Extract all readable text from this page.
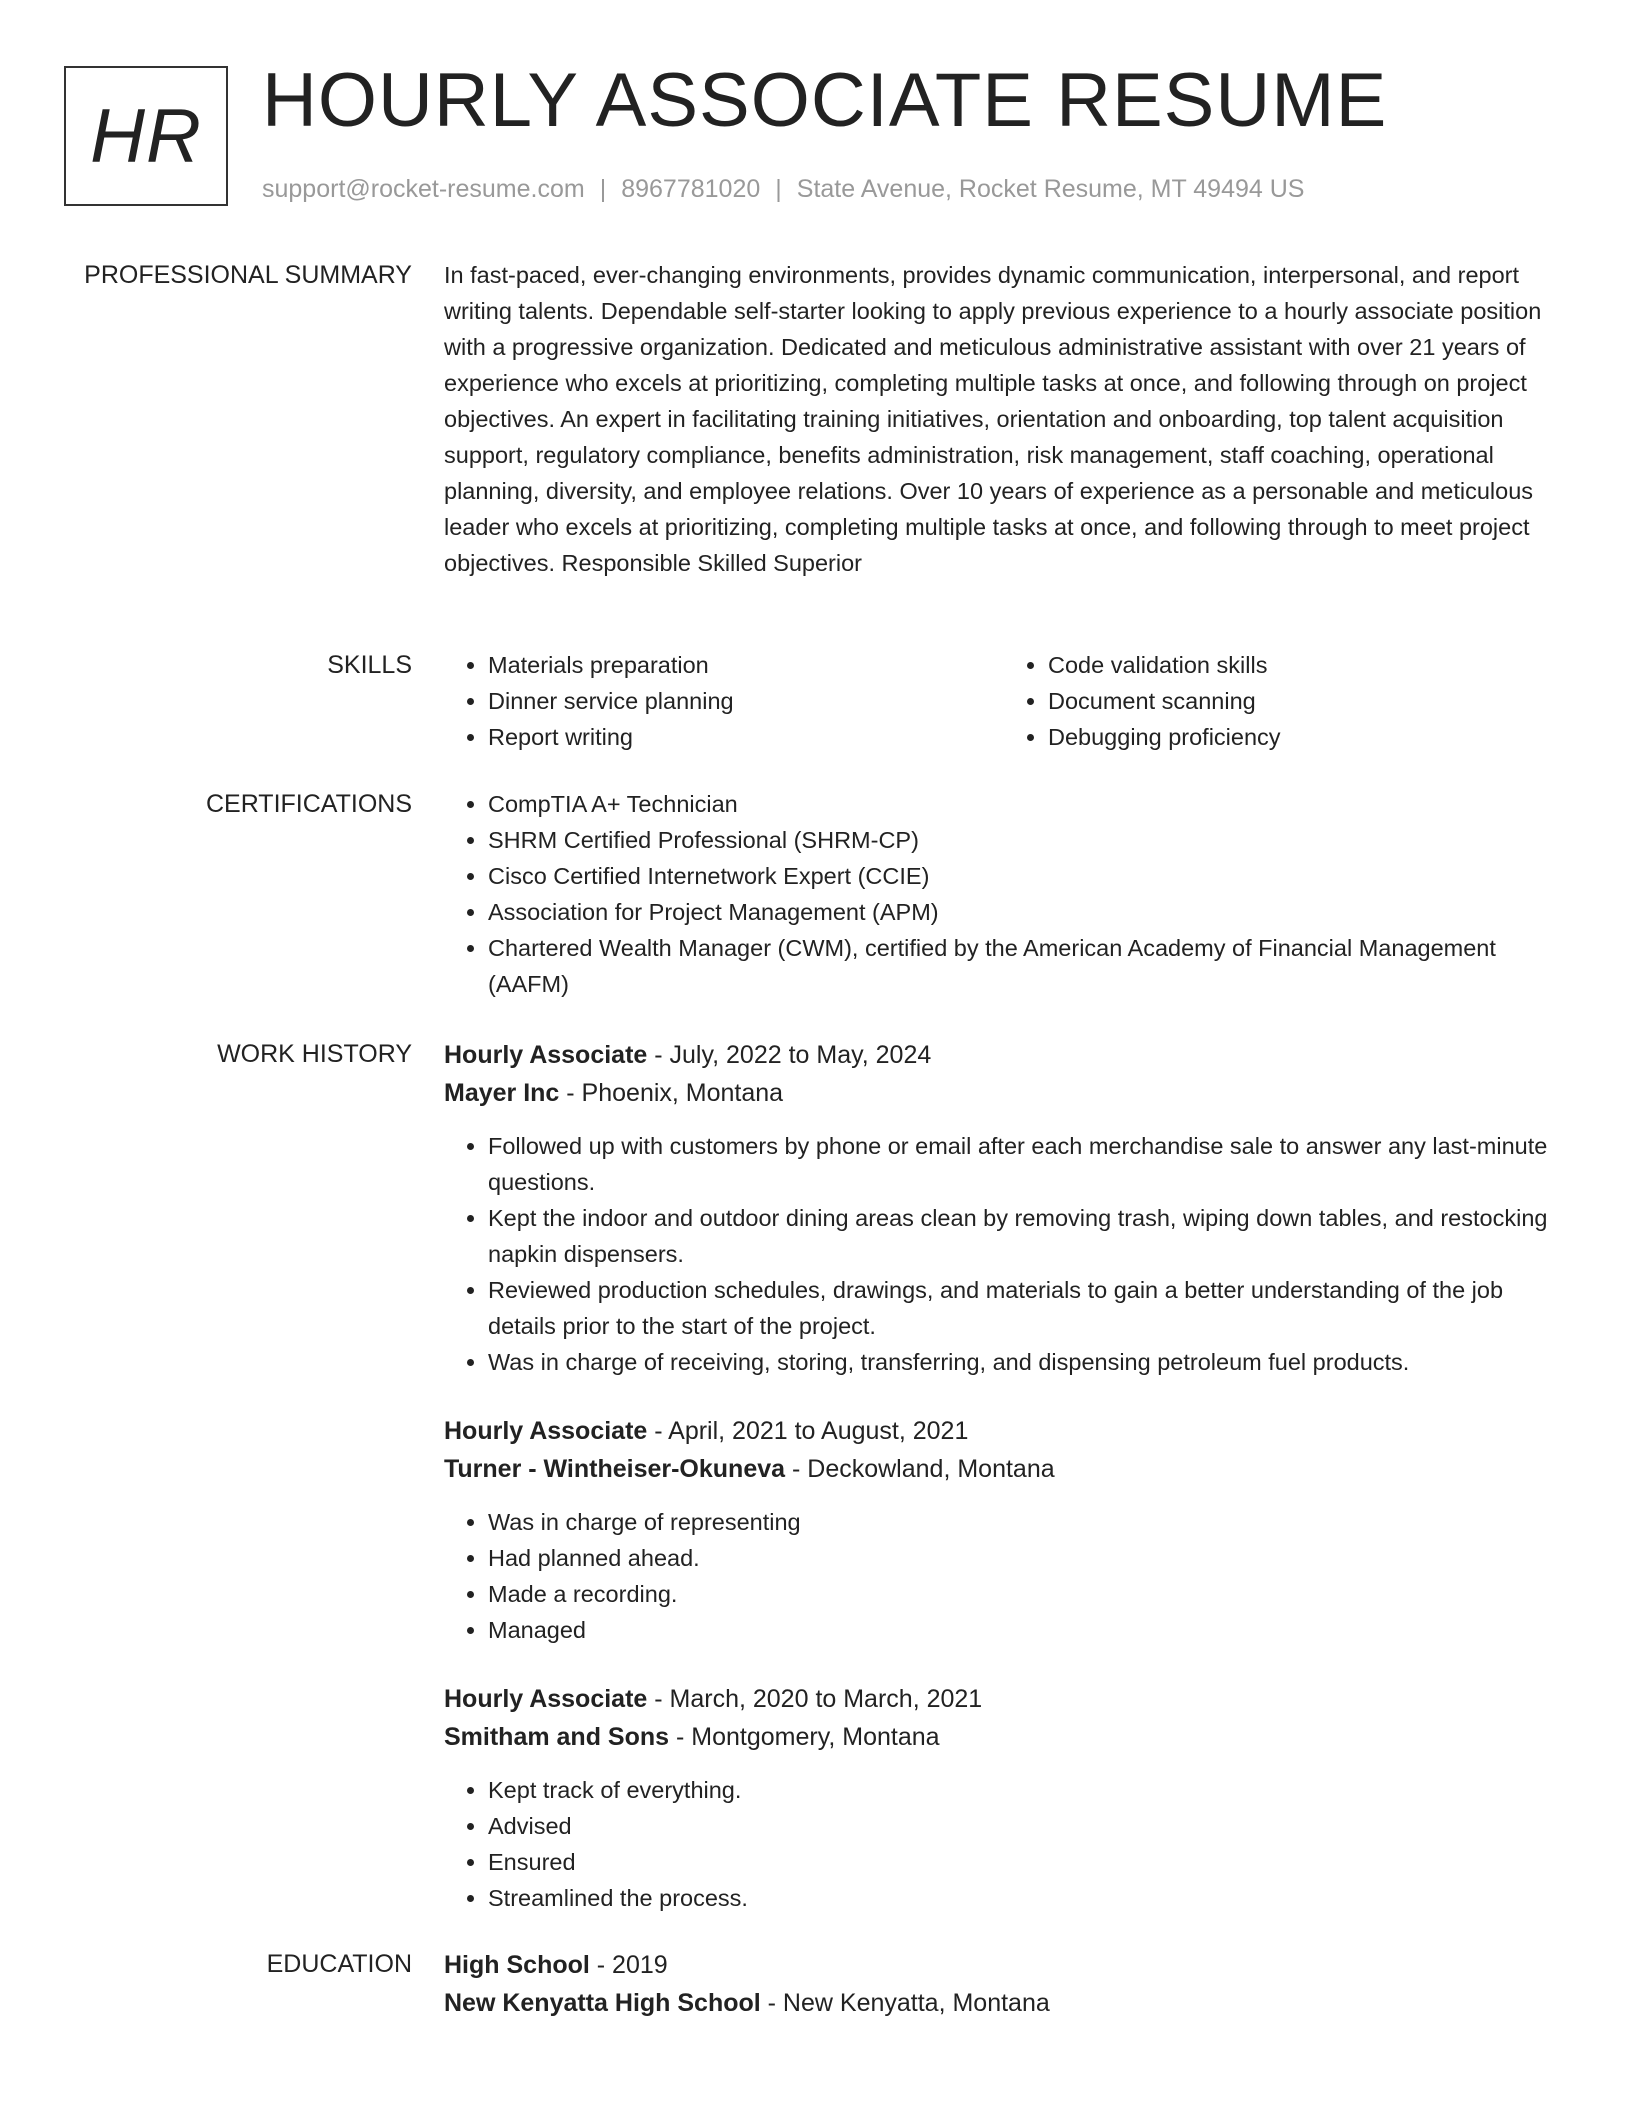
HR HOURLY ASSOCIATE RESUME
support@rocket-resume.com | 8967781020 | State Avenue, Rocket Resume, MT 49494 US
PROFESSIONAL SUMMARY In fast-paced, ever-changing environments, provides dynamic communication, interpersonal, and report writing talents. Dependable self-starter looking to apply previous experience to a hourly associate position with a progressive organization. Dedicated and meticulous administrative assistant with over 21 years of experience who excels at prioritizing, completing multiple tasks at once, and following through on project objectives. An expert in facilitating training initiatives, orientation and onboarding, top talent acquisition support, regulatory compliance, benefits administration, risk management, staff coaching, operational planning, diversity, and employee relations. Over 10 years of experience as a personable and meticulous leader who excels at prioritizing, completing multiple tasks at once, and following through to meet project objectives. Responsible Skilled Superior

SKILLS	• Materials preparation
• Dinner service planning
• Report writing
• Code validation skills
• Document scanning
• Debugging proficiency
CERTIFICATIONS	• CompTIA A+ Technician
• SHRM Certified Professional (SHRM-CP)
• Cisco Certified Internetwork Expert (CCIE)
• Association for Project Management (APM)
• Chartered Wealth Manager (CWM), certified by the American Academy of Financial Management (AAFM)
WORK HISTORY Hourly Associate - July, 2022 to May, 2024
Mayer Inc - Phoenix, Montana
• Followed up with customers by phone or email after each merchandise sale to answer any last-minute questions.
• Kept the indoor and outdoor dining areas clean by removing trash, wiping down tables, and restocking napkin dispensers.
• Reviewed production schedules, drawings, and materials to gain a better understanding of the job details prior to the start of the project.
• Was in charge of receiving, storing, transferring, and dispensing petroleum fuel products.
Hourly Associate - April, 2021 to August, 2021
Turner - Wintheiser-Okuneva - Deckowland, Montana
• Was in charge of representing
• Had planned ahead.
• Made a recording.
• Managed
Hourly Associate - March, 2020 to March, 2021
Smitham and Sons - Montgomery, Montana
• Kept track of everything.
• Advised
• Ensured
• Streamlined the process.
EDUCATION High School - 2019
New Kenyatta High School - New Kenyatta, Montana
